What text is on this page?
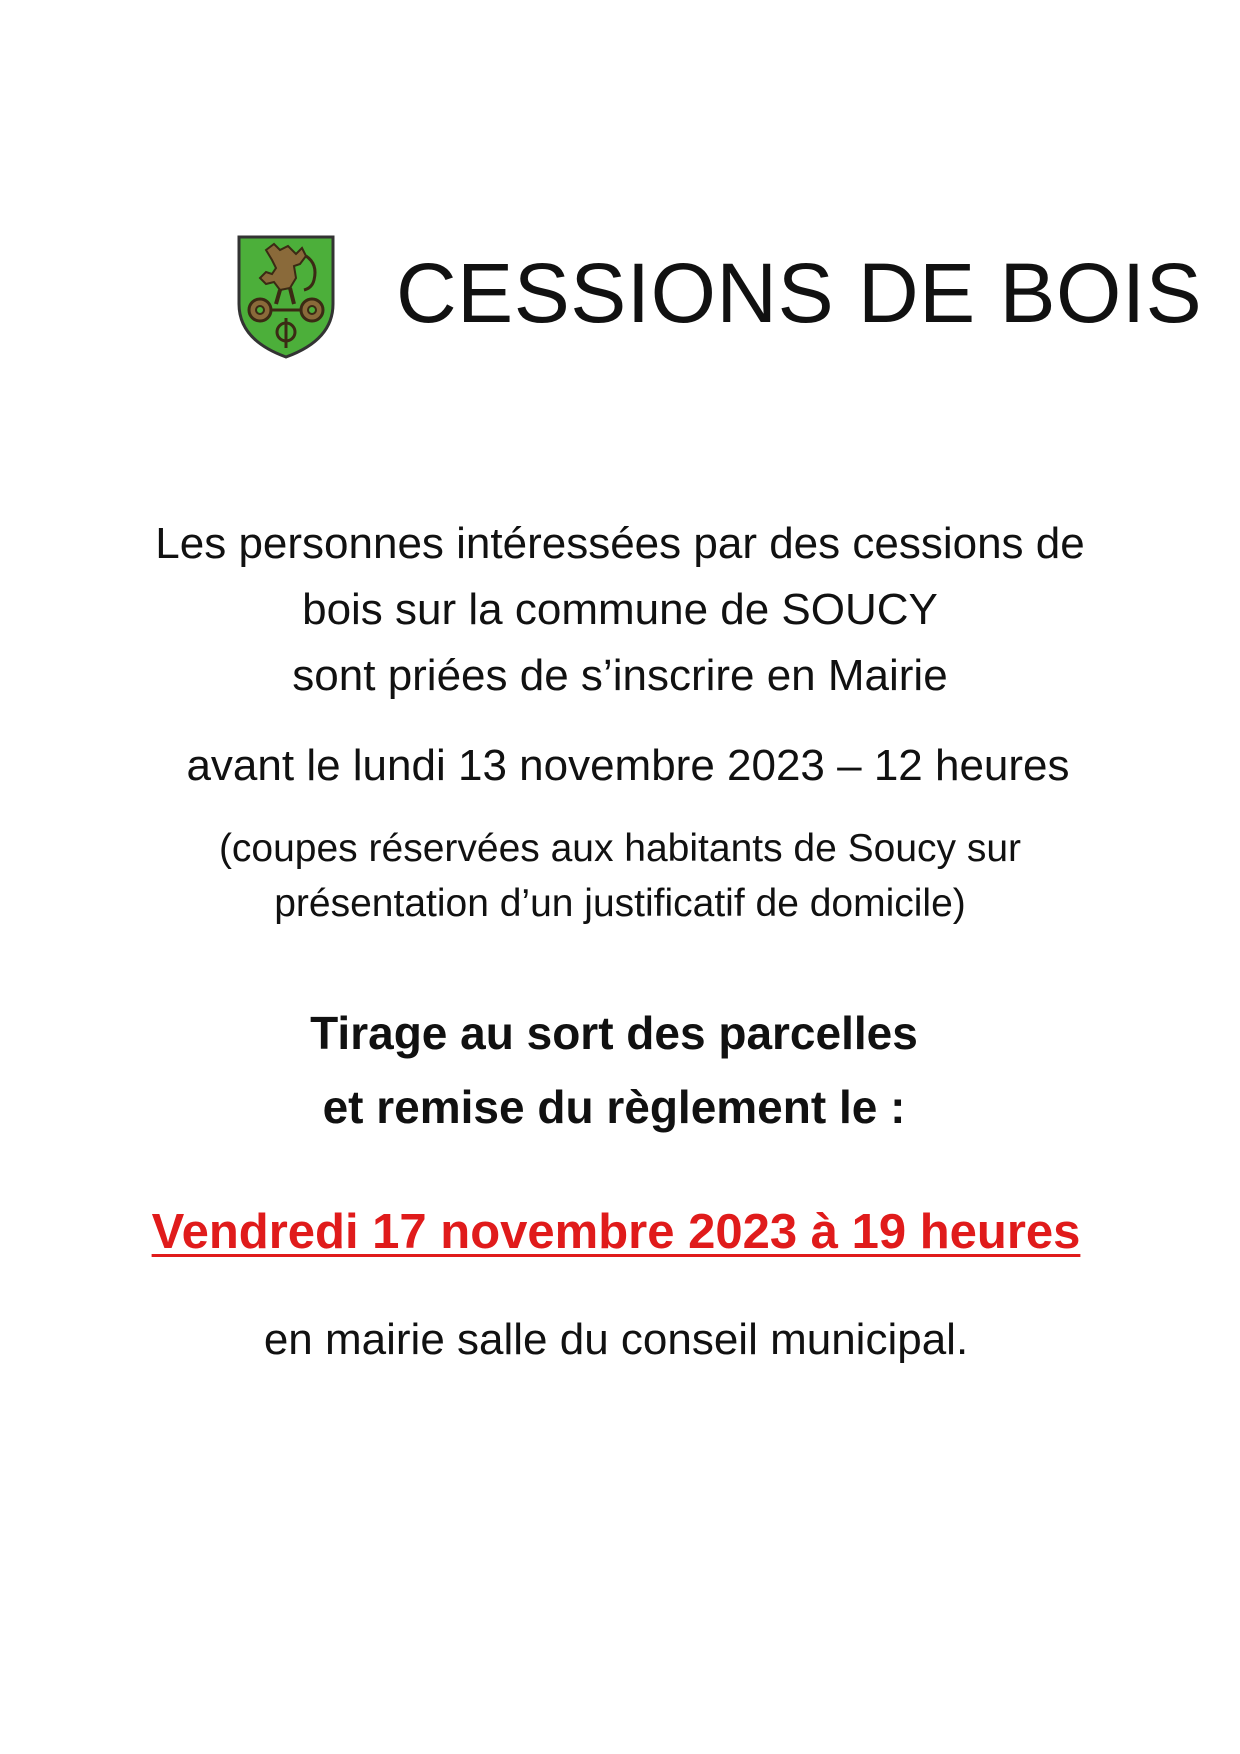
CESSIONS DE BOIS

Les personnes intéressées par des cessions de

bois sur la commune de SOUCY

sont priées de s’inscrire en Mairie

avant le lundi 13 novembre 2023 – 12 heures

(coupes réservées aux habitants de Soucy sur

présentation d’un justificatif de domicile)

Tirage au sort des parcelles

et remise du règlement le :

Vendredi 17 novembre 2023 à 19 heures

en mairie salle du conseil municipal.
